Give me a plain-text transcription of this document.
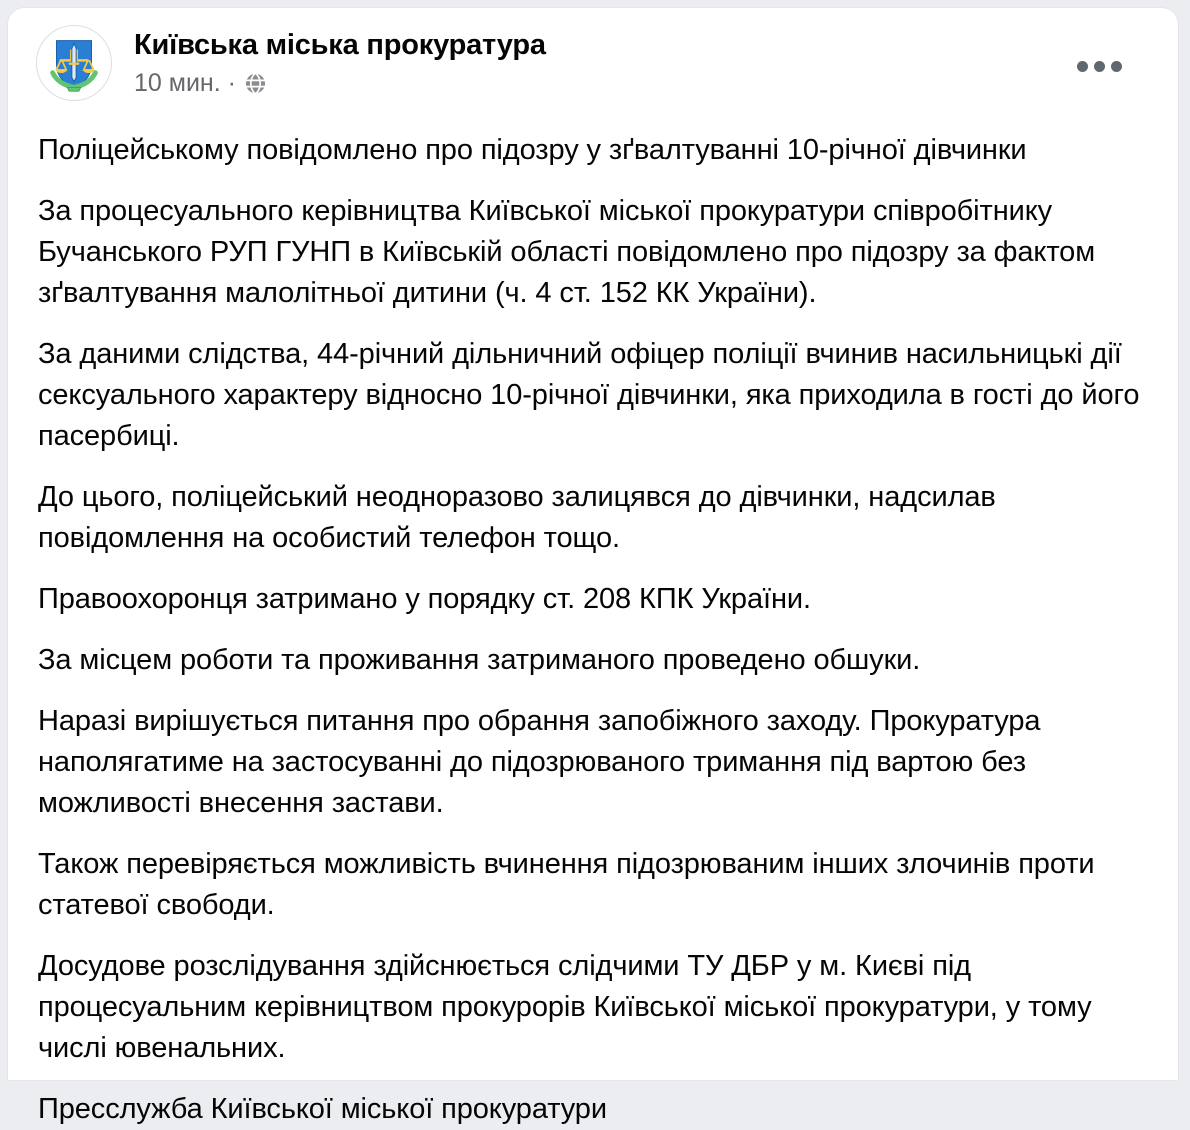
Київська міська прокуратура
10 мин. ·

Поліцейському повідомлено про підозру у зґвалтуванні 10-річної дівчинки

За процесуального керівництва Київської міської прокуратури співробітнику Бучанського РУП ГУНП в Київській області повідомлено про підозру за фактом зґвалтування малолітньої дитини (ч. 4 ст. 152 КК України).

За даними слідства, 44-річний дільничний офіцер поліції вчинив насильницькі дії сексуального характеру відносно 10-річної дівчинки, яка приходила в гості до його пасербиці.

До цього, поліцейський неодноразово залицявся до дівчинки, надсилав повідомлення на особистий телефон тощо.

Правоохоронця затримано у порядку ст. 208 КПК України.

За місцем роботи та проживання затриманого проведено обшуки.

Наразі вирішується питання про обрання запобіжного заходу. Прокуратура наполягатиме на застосуванні до підозрюваного тримання під вартою без можливості внесення застави.

Також перевіряється можливість вчинення підозрюваним інших злочинів проти статевої свободи.

Досудове розслідування здійснюється слідчими ТУ ДБР у м. Києві під процесуальним керівництвом прокурорів Київської міської прокуратури, у тому числі ювенальних.

Пресслужба Київської міської прокуратури
